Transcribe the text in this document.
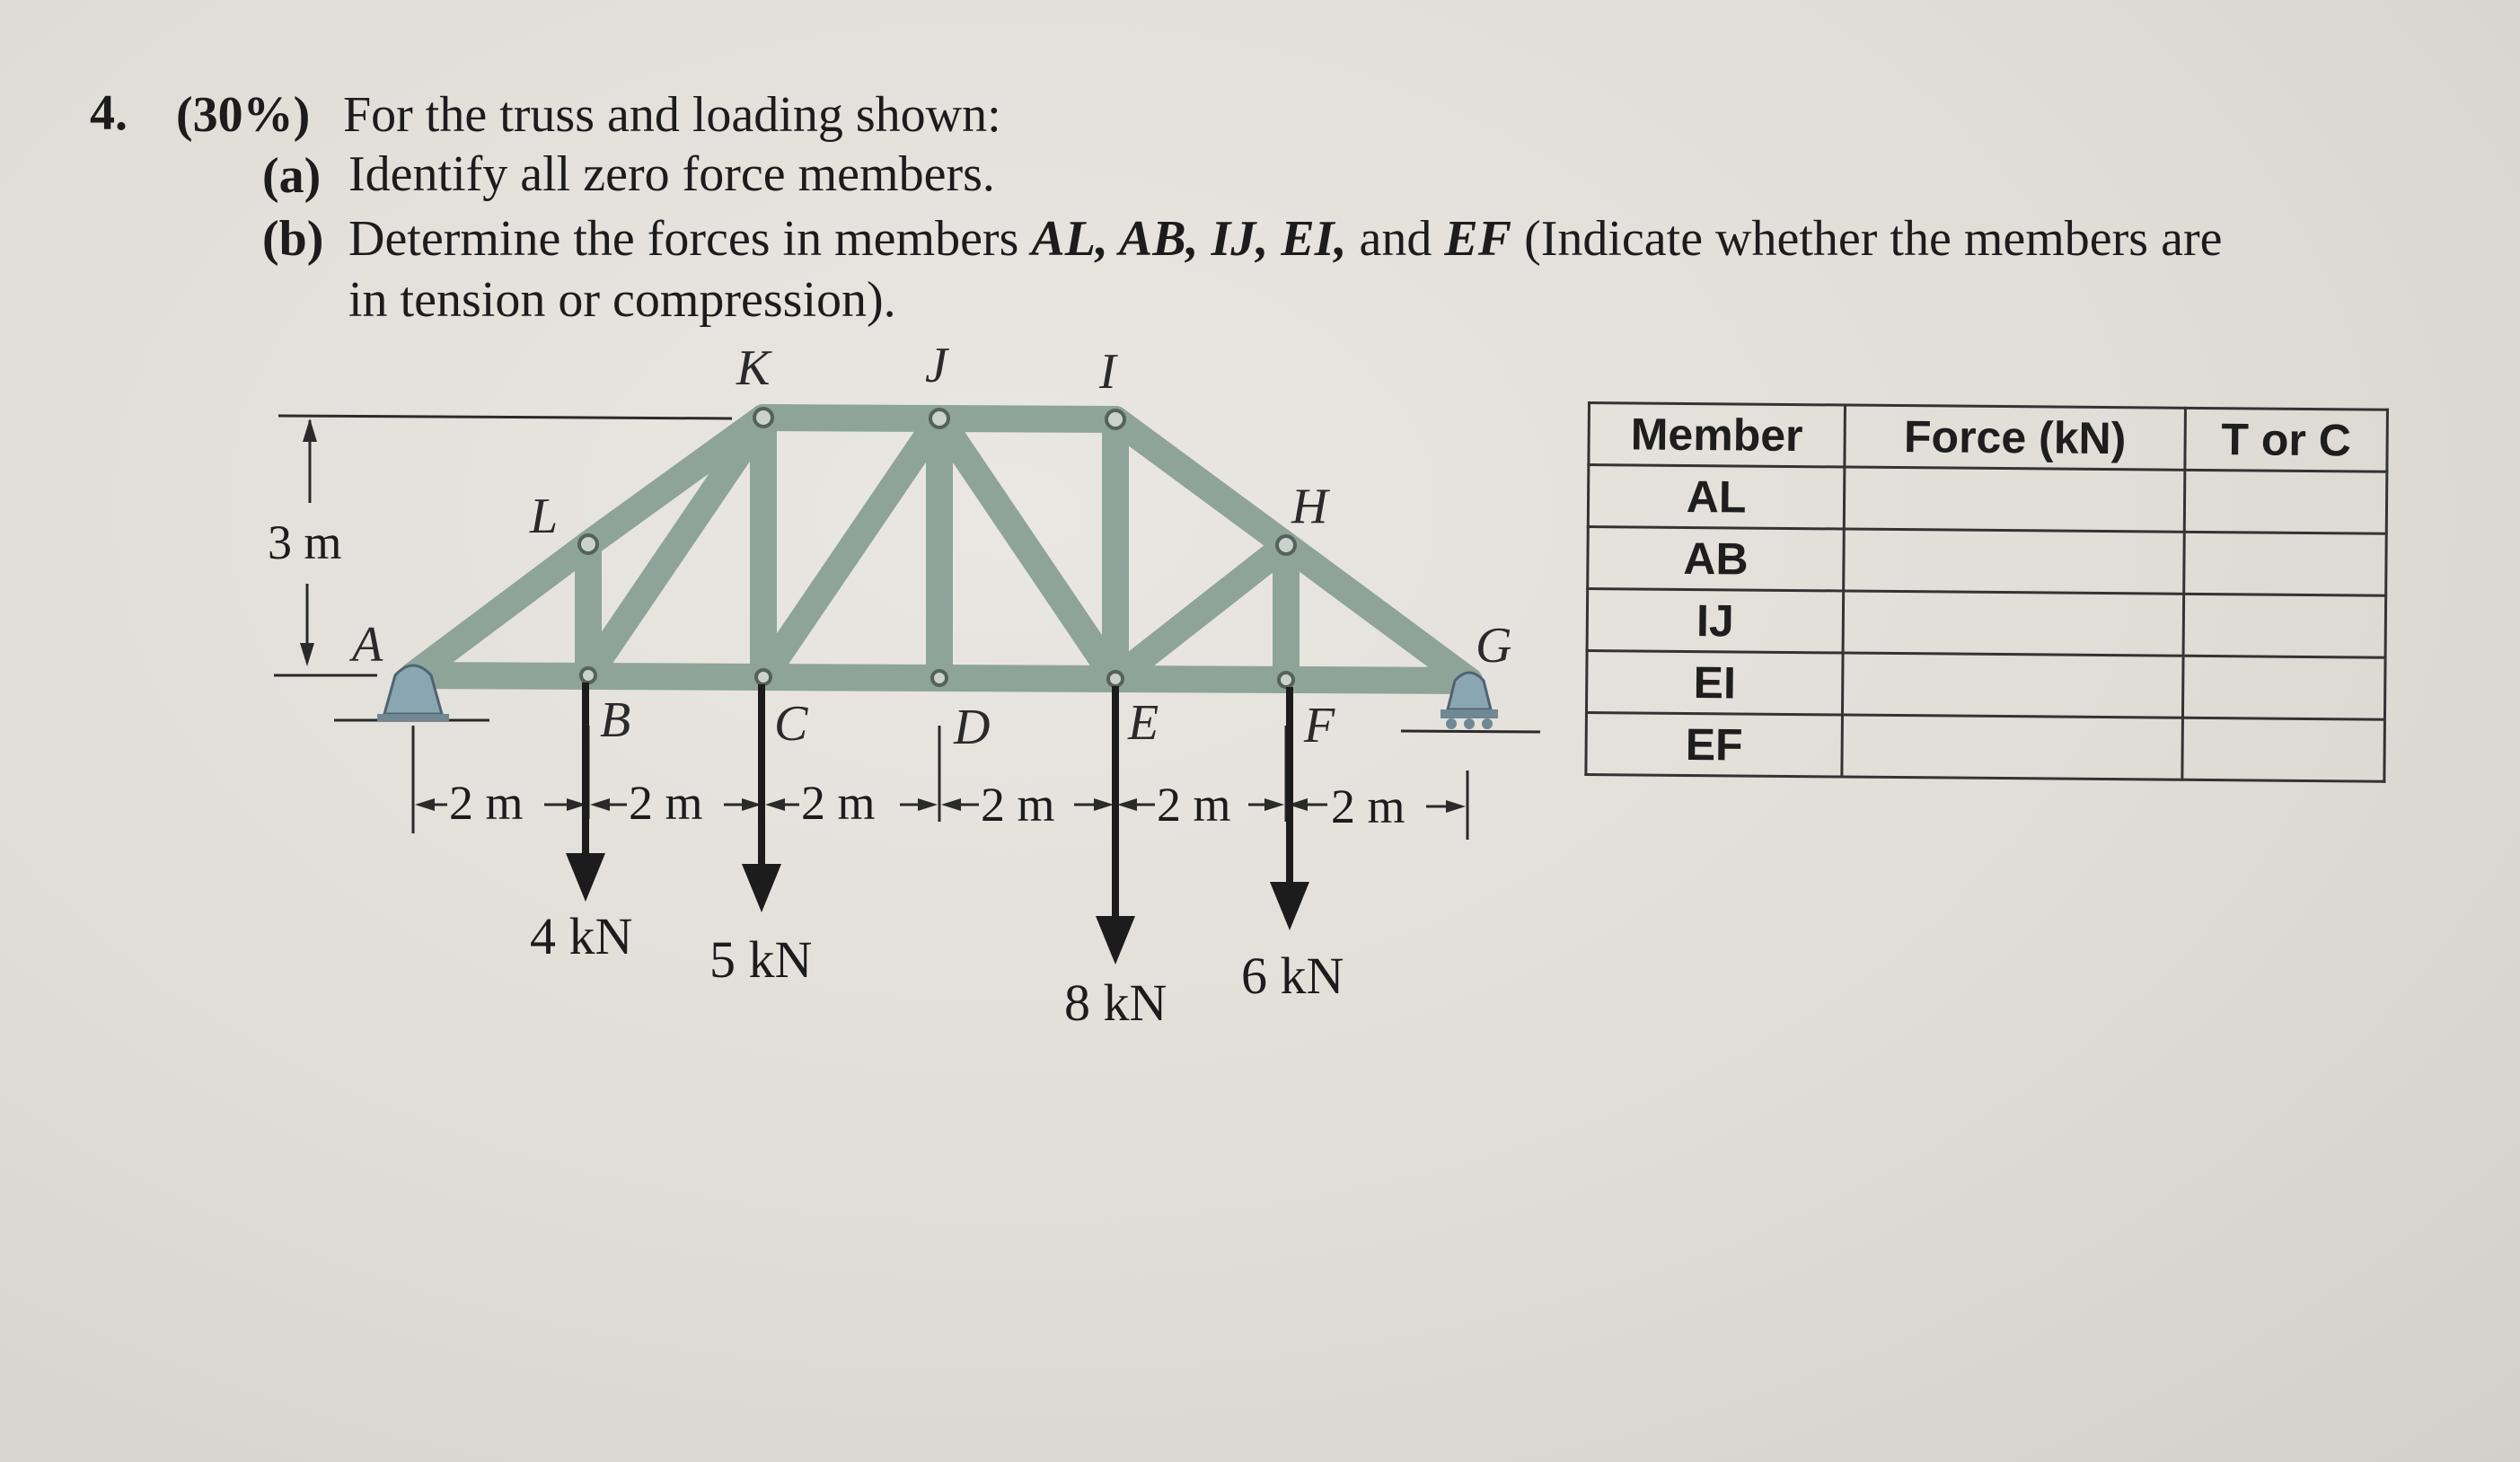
4. (30%) For the truss and loading shown:
(a) Identify all zero force members.
(b) Determine the forces in members AL, AB, IJ, EI, and EF (Indicate whether the members are
in tension or compression).
3 m
A
B	C	D	E	F
G
H
I
J
K
L
2 m 2 m 2 m 2 m 2 m 2 m
4 kN 5 kN
8 kN 6 kN
Member	Force (kN)	T or C
AL		
AB		
IJ		
EI		
EF		
